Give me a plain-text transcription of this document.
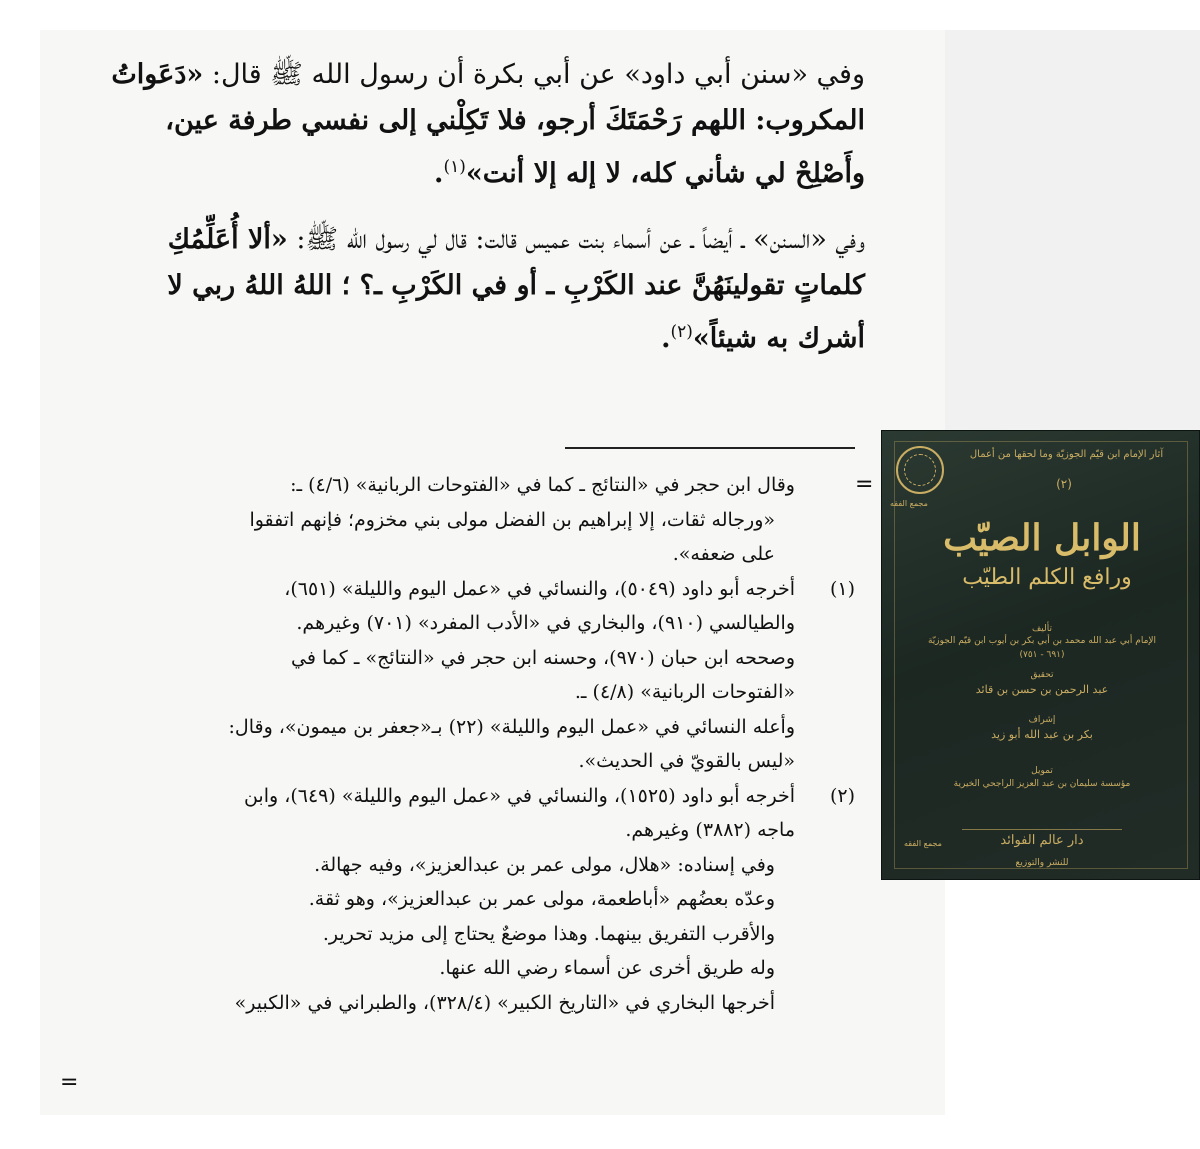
وفي «سنن أبي داود» عن أبي بكرة أن رسول الله ﷺ قال: «دَعَواتُ المكروب: اللهم رَحْمَتَكَ أرجو، فلا تَكِلْني إلى نفسي طرفة عين، وأَصْلِحْ لي شأني كله، لا إله إلا أنت»$^{(١)}$.

وفي «السنن» ـ أيضاً ـ عن أسماء بنت عميس قالت: قال لي رسول الله ﷺ: «ألا أُعَلِّمُكِ كلماتٍ تقولينَهُنَّ عند الكَرْبِ ـ أو في الكَرْبِ ـ؟ ؛ اللهُ اللهُ ربي لا أشرك به شيئاً»$^{(٢)}$.

=
وقال ابن حجر في «النتائج ـ كما في «الفتوحات الربانية» (٤/٦) ـ:
«ورجاله ثقات، إلا إبراهيم بن الفضل مولى بني مخزوم؛ فإنهم اتفقوا
على ضعفه».
(١)
أخرجه أبو داود (٥٠٤٩)، والنسائي في «عمل اليوم والليلة» (٦٥١)،
والطيالسي (٩١٠)، والبخاري في «الأدب المفرد» (٧٠١) وغيرهم.
وصححه ابن حبان (٩٧٠)، وحسنه ابن حجر في «النتائج» ـ كما في
«الفتوحات الربانية» (٤/٨) ـ.
وأعله النسائي في «عمل اليوم والليلة» (٢٢) بـ«جعفر بن ميمون»، وقال:
«ليس بالقويّ في الحديث».
(٢)
أخرجه أبو داود (١٥٢٥)، والنسائي في «عمل اليوم والليلة» (٦٤٩)، وابن
ماجه (٣٨٨٢) وغيرهم.
وفي إسناده: «هلال، مولى عمر بن عبدالعزيز»، وفيه جهالة.
وعدّه بعضُهم «أباطعمة، مولى عمر بن عبدالعزيز»، وهو ثقة.
والأقرب التفريق بينهما. وهذا موضعٌ يحتاج إلى مزيد تحرير.
وله طريق أخرى عن أسماء رضي الله عنها.
أخرجها البخاري في «التاريخ الكبير» (٣٢٨/٤)، والطبراني في «الكبير»
=
مجمع الفقه
آثار الإمام ابن قيّم الجوزيّة وما لحقها من أعمال
(٢)
الوابل الصيّب
ورافع الكلم الطيّب
تأليف
الإمام أبي عبد الله محمد بن أبي بكر بن أيوب ابن قيّم الجوزيّة
(٦٩١ - ٧٥١)
تحقيق
عبد الرحمن بن حسن بن قائد
إشراف
بكر بن عبد الله أبو زيد
تمويل
مؤسسة سليمان بن عبد العزيز الراجحي الخيرية
دار عالم الفوائد
للنشر والتوزيع
مجمع الفقه
